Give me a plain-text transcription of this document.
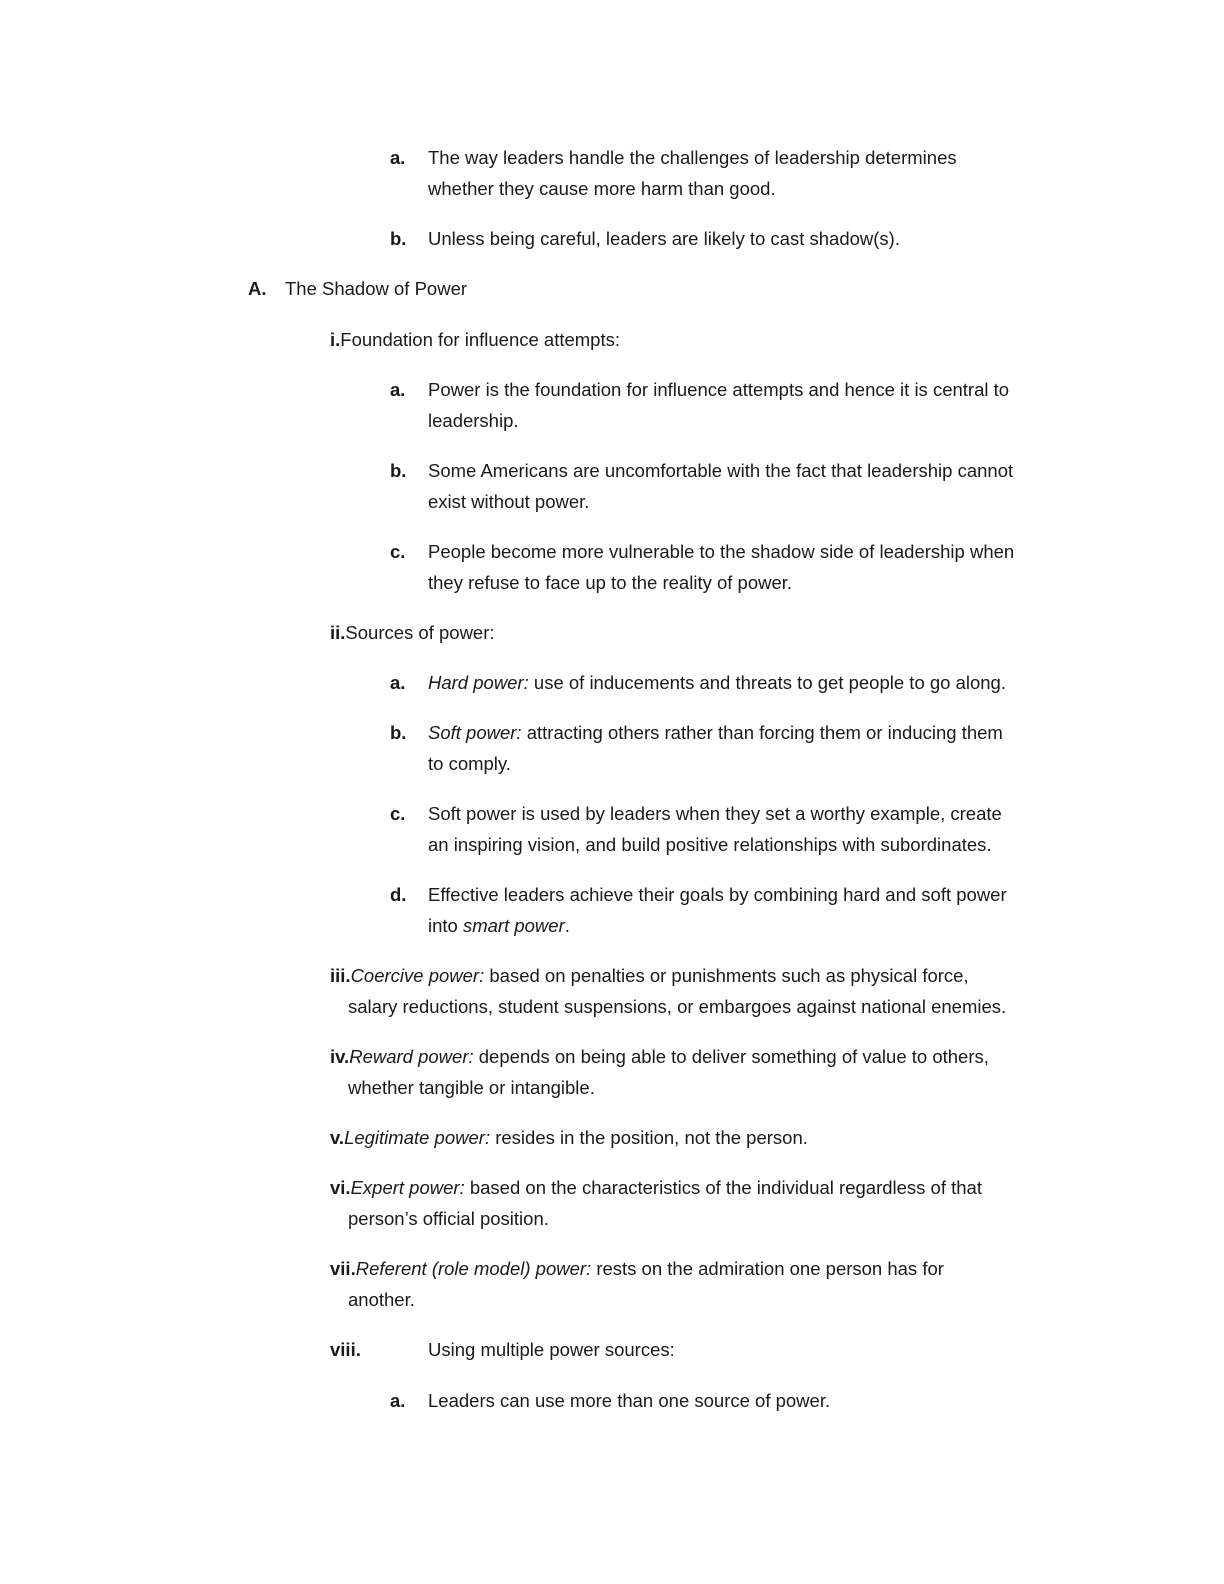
a. The way leaders handle the challenges of leadership determines
whether they cause more harm than good.
b. Unless being careful, leaders are likely to cast shadow(s).
A. The Shadow of Power
i.Foundation for influence attempts:
a. Power is the foundation for influence attempts and hence it is central to
leadership.
b. Some Americans are uncomfortable with the fact that leadership cannot
exist without power.
c. People become more vulnerable to the shadow side of leadership when
they refuse to face up to the reality of power.
ii.Sources of power:
a. Hard power: use of inducements and threats to get people to go along.
b. Soft power: attracting others rather than forcing them or inducing them
to comply.
c. Soft power is used by leaders when they set a worthy example, create
an inspiring vision, and build positive relationships with subordinates.
d. Effective leaders achieve their goals by combining hard and soft power
into smart power.
iii.Coercive power: based on penalties or punishments such as physical force,
salary reductions, student suspensions, or embargoes against national enemies.
iv.Reward power: depends on being able to deliver something of value to others,
whether tangible or intangible.
v.Legitimate power: resides in the position, not the person.
vi.Expert power: based on the characteristics of the individual regardless of that
person’s official position.
vii.Referent (role model) power: rests on the admiration one person has for
another.
viii.	Using multiple power sources:
a. Leaders can use more than one source of power.
